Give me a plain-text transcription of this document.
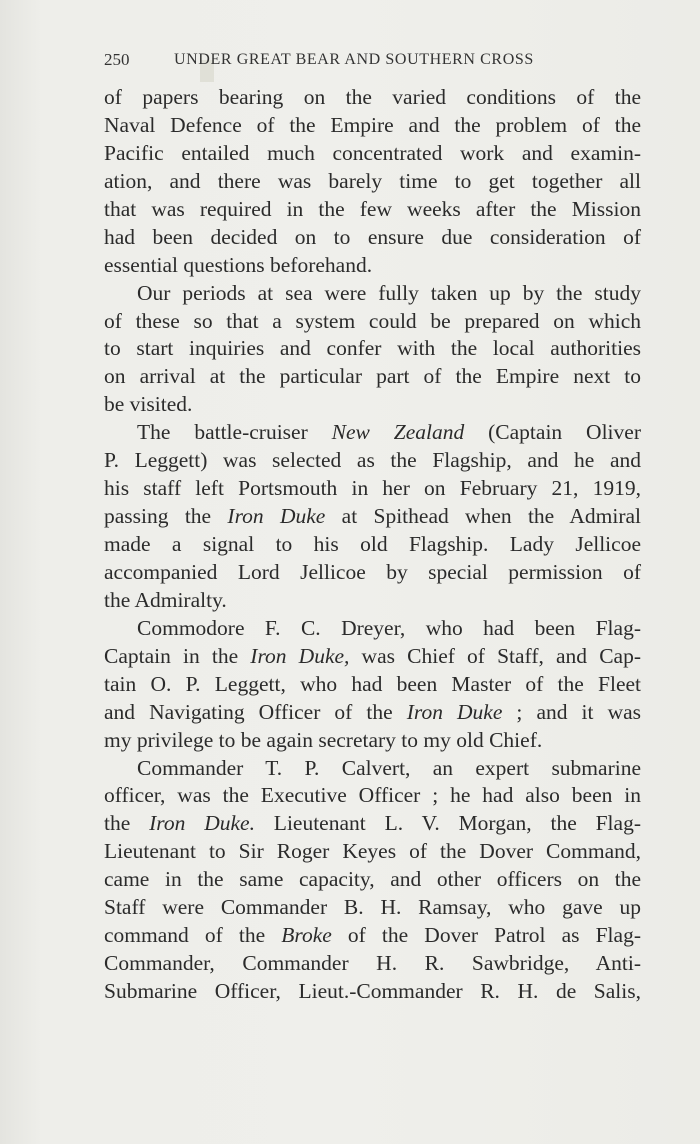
250	UNDER GREAT BEAR AND SOUTHERN CROSS
of papers bearing on the varied conditions of the
Naval Defence of the Empire and the problem of the
Pacific entailed much concentrated work and examin-
ation, and there was barely time to get together all
that was required in the few weeks after the Mission
had been decided on to ensure due consideration of
essential questions beforehand.
Our periods at sea were fully taken up by the study
of these so that a system could be prepared on which
to start inquiries and confer with the local authorities
on arrival at the particular part of the Empire next to
be visited.
The battle-cruiser New Zealand (Captain Oliver
P. Leggett) was selected as the Flagship, and he and
his staff left Portsmouth in her on February 21, 1919,
passing the Iron Duke at Spithead when the Admiral
made a signal to his old Flagship. Lady Jellicoe
accompanied Lord Jellicoe by special permission of
the Admiralty.
Commodore F. C. Dreyer, who had been Flag-
Captain in the Iron Duke, was Chief of Staff, and Cap-
tain O. P. Leggett, who had been Master of the Fleet
and Navigating Officer of the Iron Duke ; and it was
my privilege to be again secretary to my old Chief.
Commander T. P. Calvert, an expert submarine
officer, was the Executive Officer ; he had also been in
the Iron Duke. Lieutenant L. V. Morgan, the Flag-
Lieutenant to Sir Roger Keyes of the Dover Command,
came in the same capacity, and other officers on the
Staff were Commander B. H. Ramsay, who gave up
command of the Broke of the Dover Patrol as Flag-
Commander, Commander H. R. Sawbridge, Anti-
Submarine Officer, Lieut.-Commander R. H. de Salis,
